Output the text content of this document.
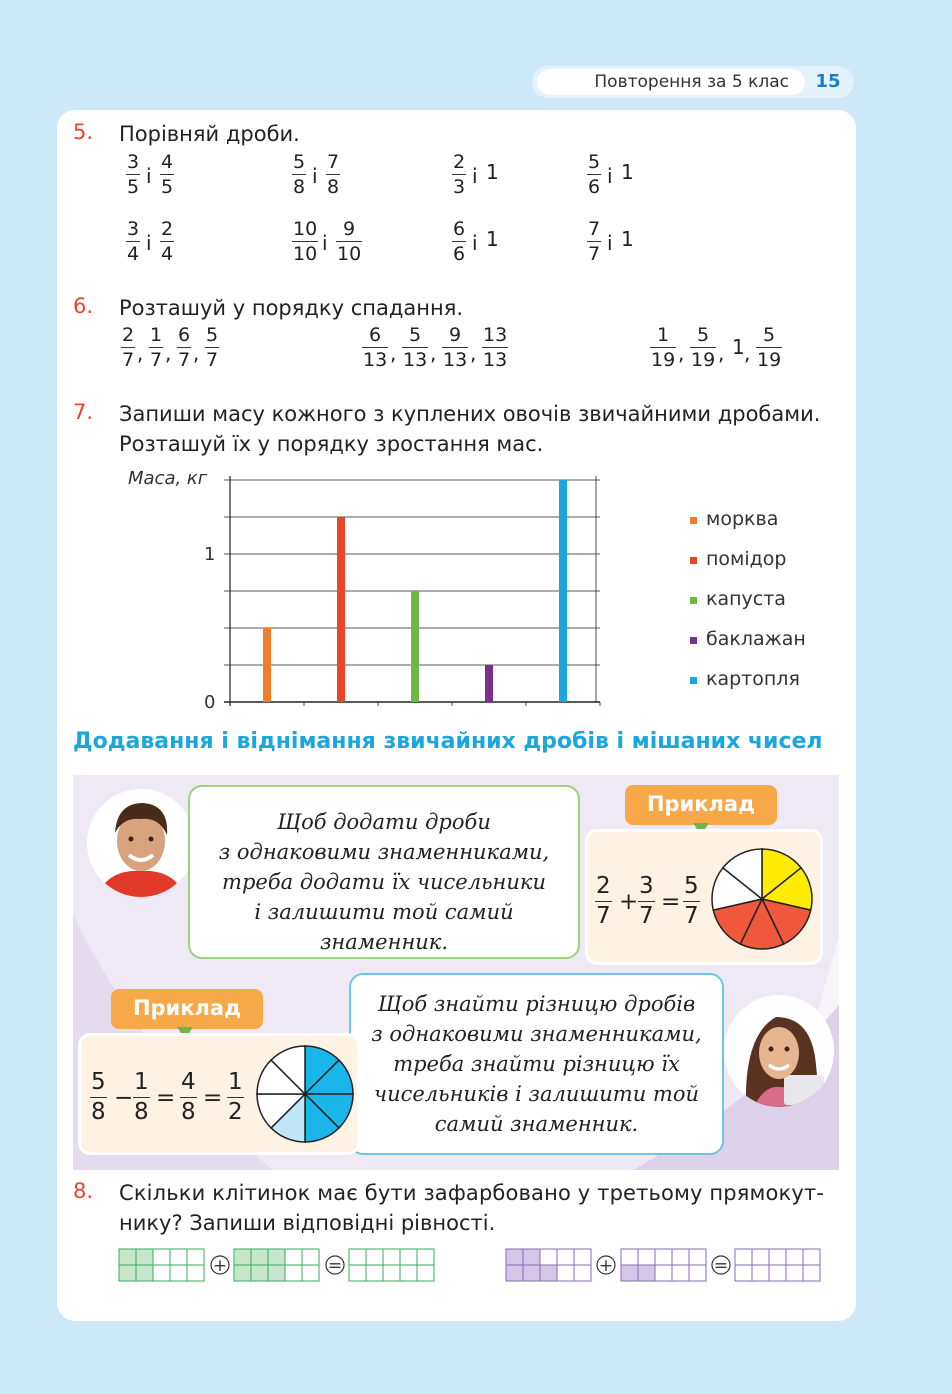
Повторення за 5 клас	15
5. Порівняй дроби.
$\frac{3}{5}$ і $\frac{4}{5}$	$\frac{5}{8}$ і $\frac{7}{8}$	$\frac{2}{3}$ і 1	$\frac{5}{6}$ і 1
$\frac{3}{4}$ і $\frac{2}{4}$	$\frac{10}{10}$ і $\frac{9}{10}$	$\frac{6}{6}$ і 1	$\frac{7}{7}$ і 1
6. Розташуй у порядку спадання.
$\frac{2}{7}$ , $\frac{1}{7}$ , $\frac{6}{7}$ , $\frac{5}{7}$	$\frac{6}{13}$ , $\frac{5}{13}$ , $\frac{9}{13}$ , $\frac{13}{13}$	$\frac{1}{19}$ , $\frac{5}{19}$ , 1 , $\frac{5}{19}$
7. Запиши масу кожного з куплених овочів звичайними дробами.
Розташуй їх у порядку зростання мас.
Маса, кг
0
1
морква
помідор
капуста
баклажан
картопля
Додавання і віднімання звичайних дробів і мішаних чисел
Щоб додати дроби
з однаковими знаменниками,
треба додати їх чисельники
і залишити той самий
знаменник.
Приклад
$\frac{2}{7} + \frac{3}{7} = \frac{5}{7}$
Щоб знайти різницю дробів
з однаковими знаменниками,
треба знайти різницю їх
чисельників і залишити той
самий знаменник.
Приклад
$\frac{5}{8} - \frac{1}{8} = \frac{4}{8} = \frac{1}{2}$
8. Скільки клітинок має бути зафарбовано у третьому прямокут-
нику? Запиши відповідні рівності.
+	=	+	=
